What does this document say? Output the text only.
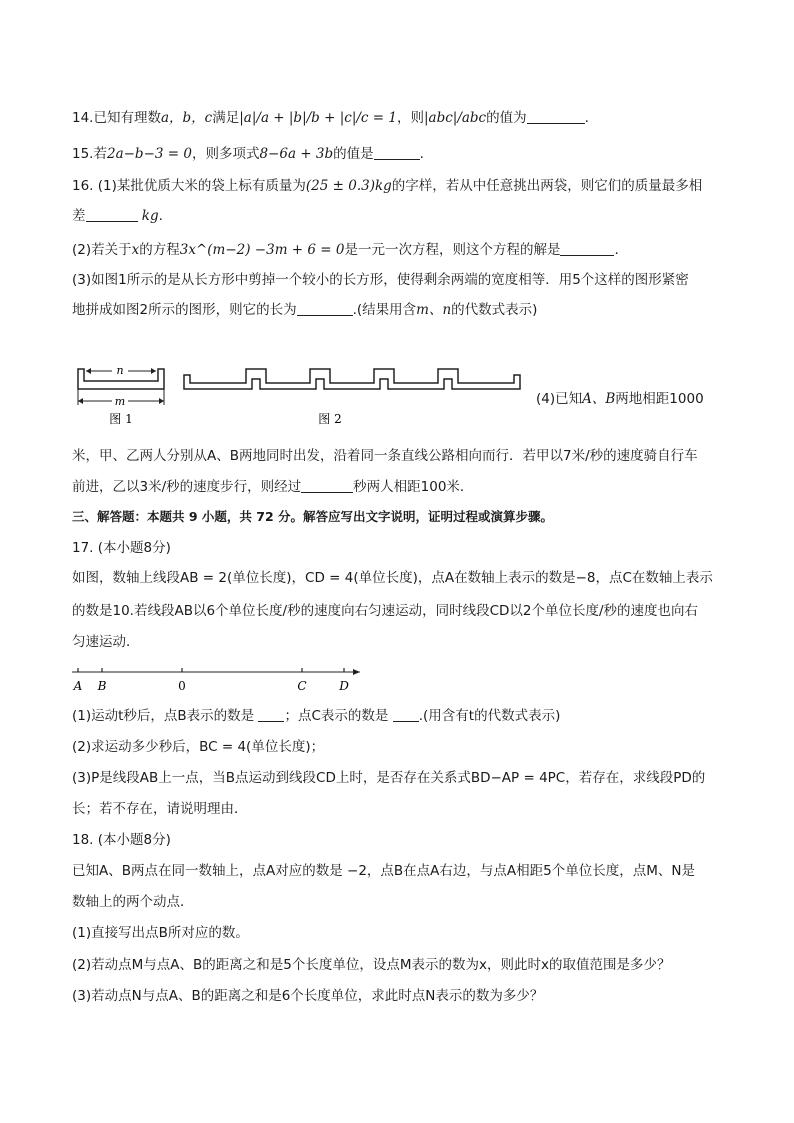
14.已知有理数a，b，c满足|a|/a + |b|/b + |c|/c = 1，则|abc|/abc的值为	.
15.若2a−b−3 = 0，则多项式8−6a + 3b的值是	.
16. (1)某批优质大米的袋上标有质量为(25 ± 0.3)kg的字样，若从中任意挑出两袋，则它们的质量最多相
差	kg.
(2)若关于x的方程3x^(m−2) −3m + 6 = 0是一元一次方程，则这个方程的解是	.
(3)如图1所示的是从长方形中剪掉一个较小的长方形，使得剩余两端的宽度相等．用5个这样的图形紧密
地拼成如图2所示的图形，则它的长为	.(结果用含m、n的代数式表示)
n
m
图 1	图 2
(4)已知A、B两地相距1000
米，甲、乙两人分别从A、B两地同时出发，沿着同一条直线公路相向而行．若甲以7米/秒的速度骑自行车
前进，乙以3米/秒的速度步行，则经过	秒两人相距100米．
三、解答题：本题共 9 小题，共 72 分。解答应写出文字说明，证明过程或演算步骤。
17. (本小题8分)
如图，数轴上线段AB = 2(单位长度)，CD = 4(单位长度)，点A在数轴上表示的数是−8，点C在数轴上表示
的数是10.若线段AB以6个单位长度/秒的速度向右匀速运动，同时线段CD以2个单位长度/秒的速度也向右
匀速运动．
A B	0	C	D
(1)运动t秒后，点B表示的数是 ；点C表示的数是 .(用含有t的代数式表示)
(2)求运动多少秒后，BC = 4(单位长度)；
(3)P是线段AB上一点，当B点运动到线段CD上时，是否存在关系式BD−AP = 4PC，若存在，求线段PD的
长；若不存在，请说明理由．
18. (本小题8分)
已知A、B两点在同一数轴上，点A对应的数是 −2，点B在点A右边，与点A相距5个单位长度，点M、N是
数轴上的两个动点．
(1)直接写出点B所对应的数。
(2)若动点M与点A、B的距离之和是5个长度单位，设点M表示的数为x，则此时x的取值范围是多少？
(3)若动点N与点A、B的距离之和是6个长度单位，求此时点N表示的数为多少？
